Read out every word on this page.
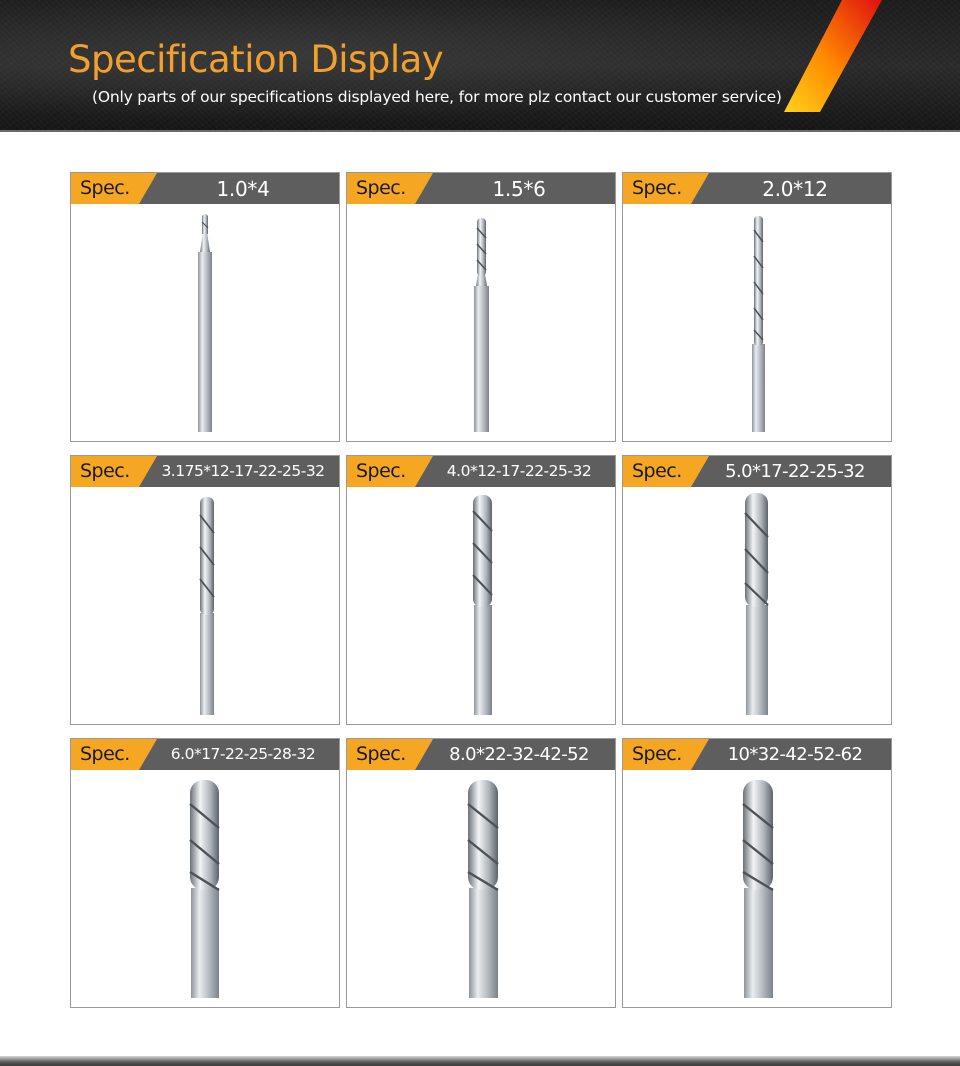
Specification Display
(Only parts of our specifications displayed here, for more plz contact our customer service)
Spec.	1.0*4	Spec.	1.5*6	Spec.	2.0*12
Spec.	3.175*12-17-22-25-32	Spec.	4.0*12-17-22-25-32	Spec.	5.0*17-22-25-32
Spec.	6.0*17-22-25-28-32	Spec.	8.0*22-32-42-52	Spec.	10*32-42-52-62
